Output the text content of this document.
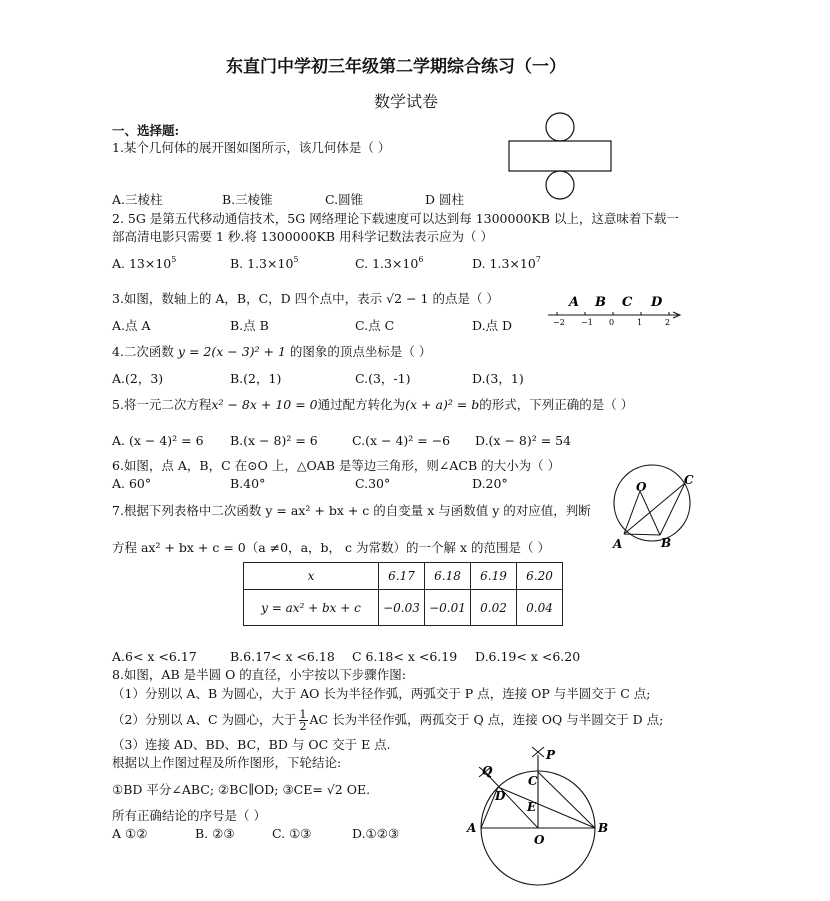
东直门中学初三年级第二学期综合练习（一）
数学试卷
一、选择题:
1.某个几何体的展开图如图所示，该几何体是（ ）
A.三棱柱	B.三棱锥	C.圆锥	D 圆柱
2. 5G 是第五代移动通信技术，5G 网络理论下载速度可以达到每 1300000KB 以上，这意味着下载一
部高清电影只需要 1 秒.将 1300000KB 用科学记数法表示应为（ ）
A. $13\times 10^5$	B. $1.3\times 10^5$	C. $1.3\times 10^6$	D. $1.3\times 10^7$
3.如图，数轴上的 A，B，C，D 四个点中，表示 √2 − 1 的点是（ ）
−2 −1 0	1	2
A B C D
A.点 A	B.点 B	C.点 C	D.点 D
4.二次函数 y = 2(x − 3)² + 1 的图象的顶点坐标是（ ）
A.(2，3)	B.(2，1)	C.(3，-1)	D.(3，1)
5.将一元二次方程x² − 8x + 10 = 0通过配方转化为(x + a)² = b的形式，下列正确的是（ ）
A. (x − 4)² = 6 B.(x − 8)² = 6	C.(x − 4)² = −6 D.(x − 8)² = 54
6.如图，点 A，B，C 在⊙O 上，△OAB 是等边三角形，则∠ACB 的大小为（ ）
A. 60°	B.40°	C.30°	D.20°	O	C
A	B
7.根据下列表格中二次函数 y = ax² + bx + c 的自变量 x 与函数值 y 的对应值，判断
方程 ax² + bx + c = 0（a ≠0，a，b， c 为常数）的一个解 x 的范围是（ ）
x	6.17	6.18	6.19	6.20
y = ax² + bx + c	−0.03	−0.01	0.02	0.04
A.6< x <6.17	B.6.17< x <6.18 C 6.18< x <6.19 D.6.19< x <6.20
8.如图，AB 是半圆 O 的直径，小宇按以下步骤作图:
（1）分别以 A、B 为圆心，大于 AO 长为半径作弧，两弧交于 P 点，连接 OP 与半圆交于 C 点;
（2）分别以 A、C 为圆心，大于 $\frac{1}{2}$ AC 长为半径作弧，两孤交于 Q 点，连接 OQ 与半圆交于 D 点;
（3）连接 AD、BD、BC，BD 与 OC 交于 E 点.
根据以上作图过程及所作图形，下轮结论:
①BD 平分∠ABC; ②BC∥OD; ③CE= √2 OE.
所有正确结论的序号是（ ）
A ①②	B. ②③	C. ①③	D.①②③
P
Q
C
D
E
A	B
O
